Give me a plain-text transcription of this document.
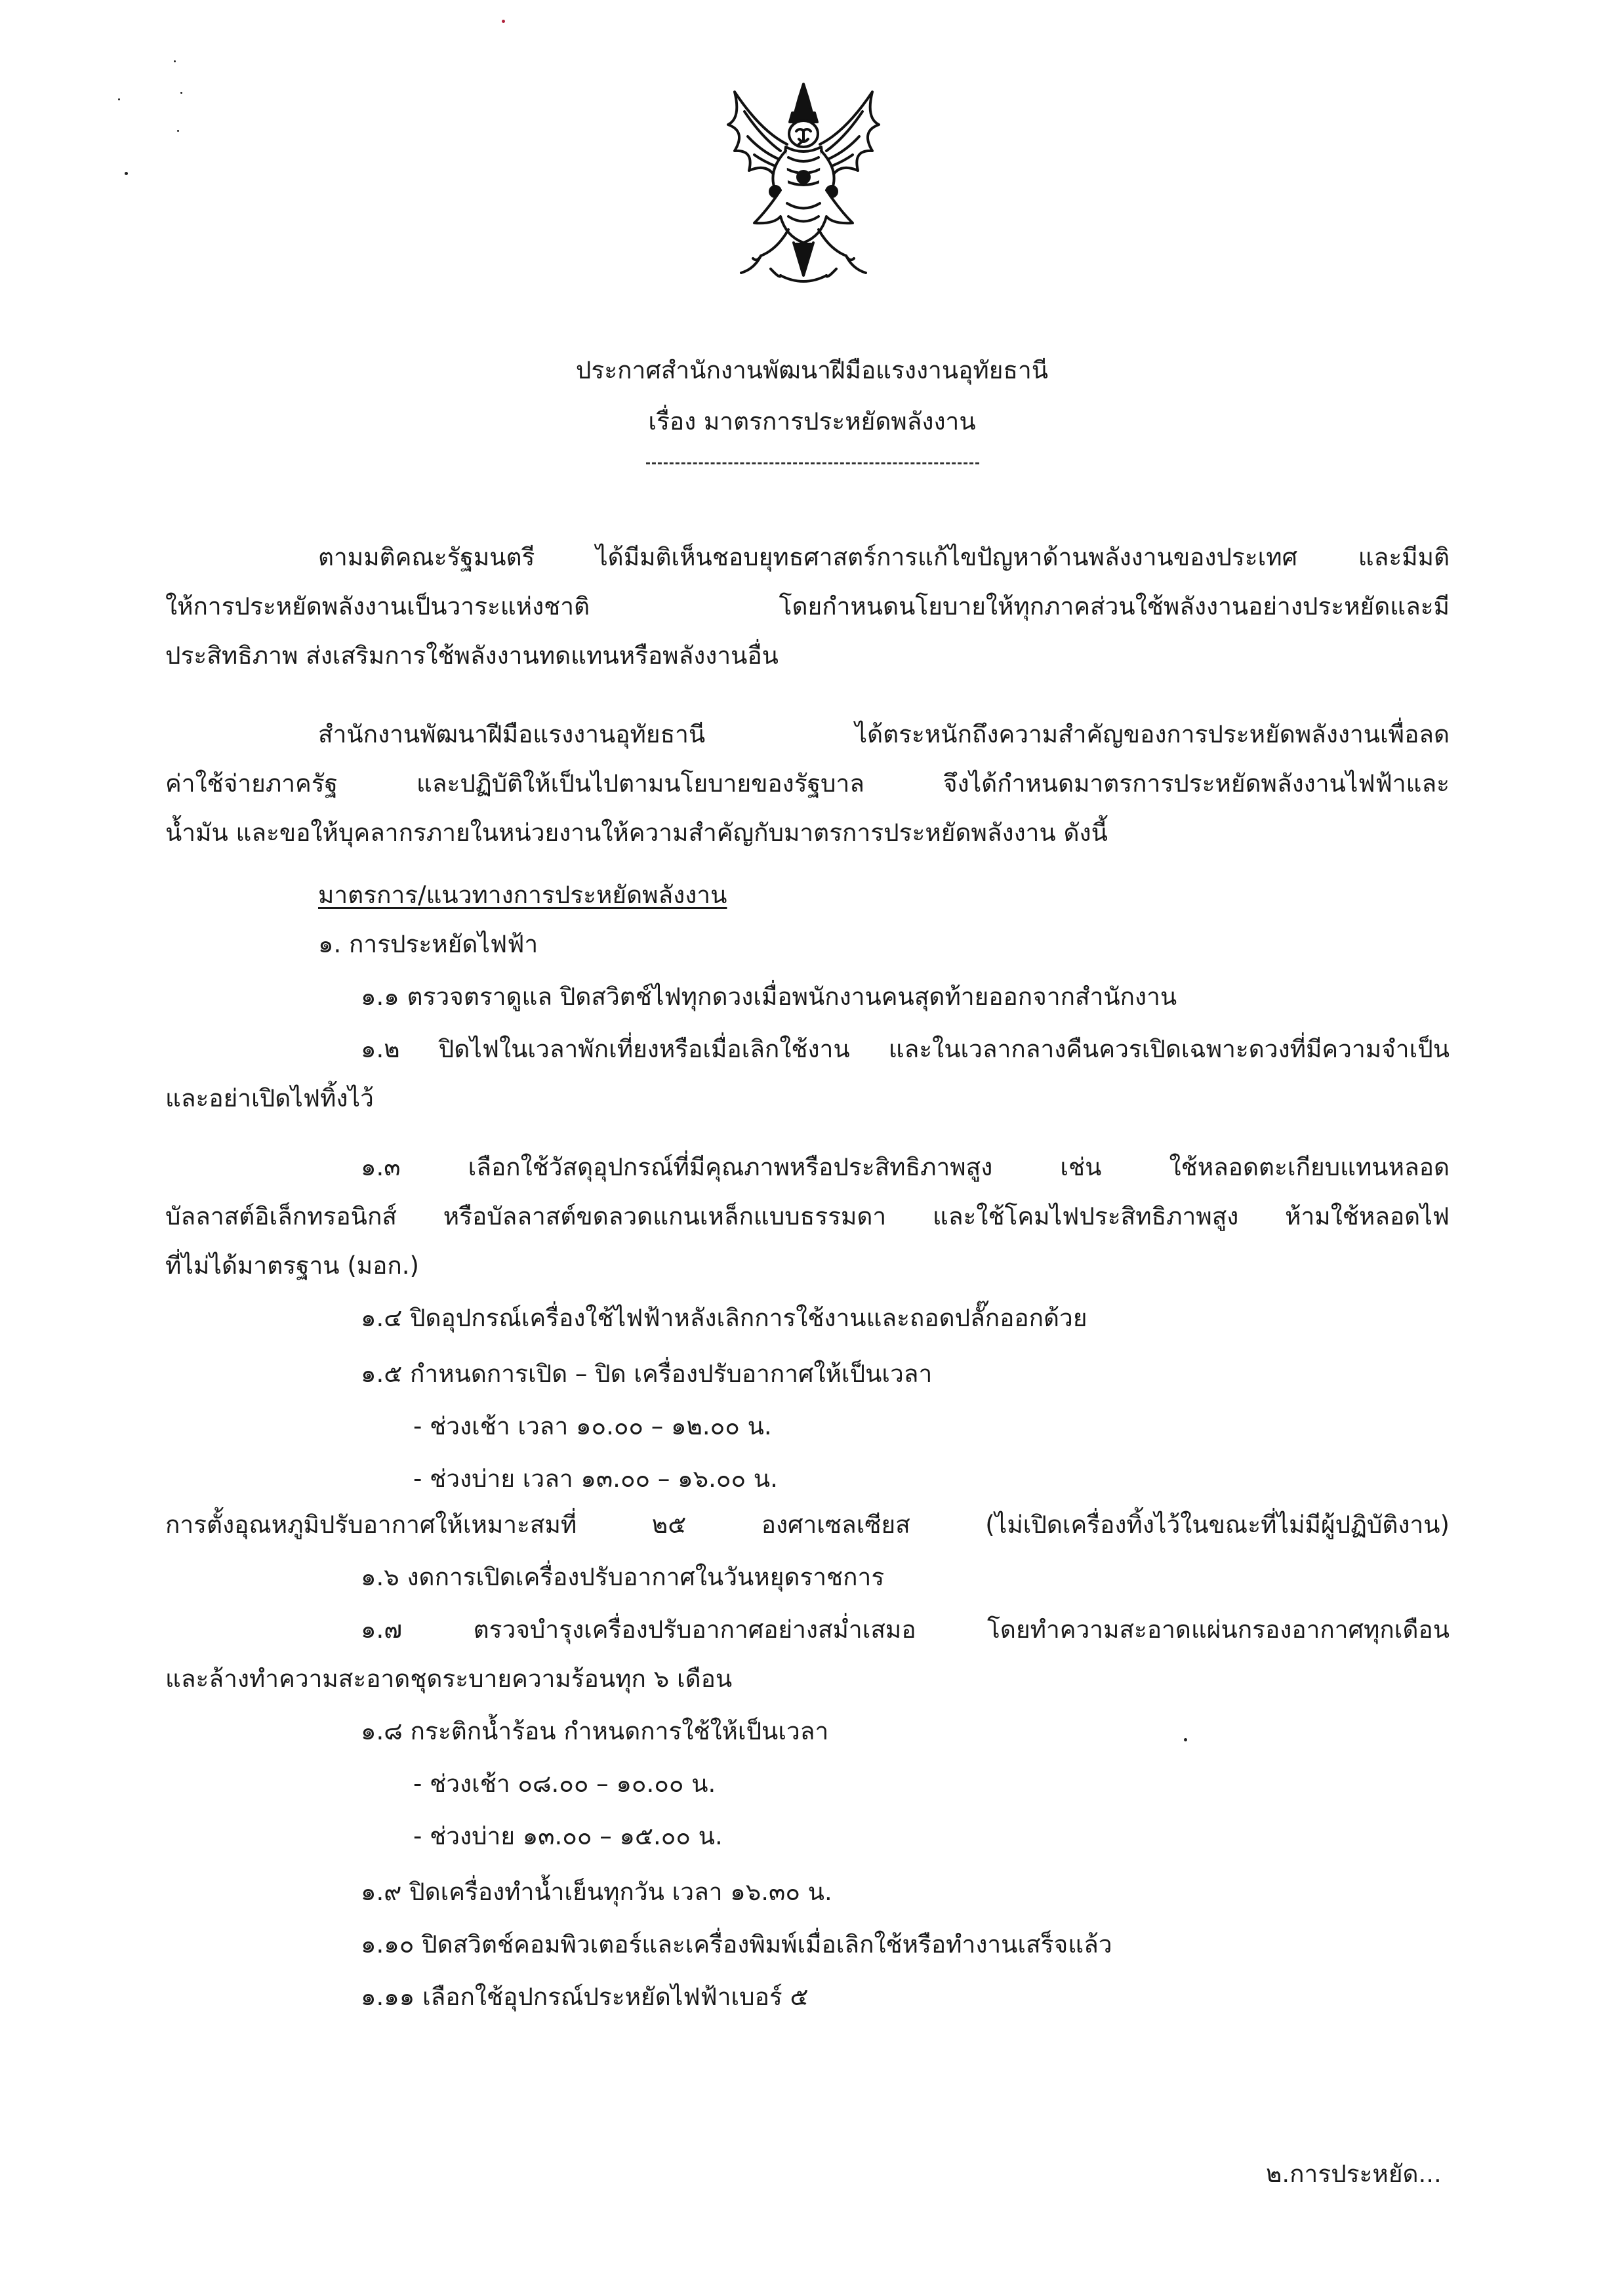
ประกาศสำนักงานพัฒนาฝีมือแรงงานอุทัยธานี
เรื่อง มาตรการประหยัดพลังงาน
ตามมติคณะรัฐมนตรี ได้มีมติเห็นชอบยุทธศาสตร์การแก้ไขปัญหาด้านพลังงานของประเทศ และมีมติ
ให้การประหยัดพลังงานเป็นวาระแห่งชาติ โดยกำหนดนโยบายให้ทุกภาคส่วนใช้พลังงานอย่างประหยัดและมี
ประสิทธิภาพ ส่งเสริมการใช้พลังงานทดแทนหรือพลังงานอื่น
สำนักงานพัฒนาฝีมือแรงงานอุทัยธานี ได้ตระหนักถึงความสำคัญของการประหยัดพลังงานเพื่อลด
ค่าใช้จ่ายภาครัฐ และปฏิบัติให้เป็นไปตามนโยบายของรัฐบาล จึงได้กำหนดมาตรการประหยัดพลังงานไฟฟ้าและ
น้ำมัน และขอให้บุคลากรภายในหน่วยงานให้ความสำคัญกับมาตรการประหยัดพลังงาน ดังนี้
มาตรการ/แนวทางการประหยัดพลังงาน
๑. การประหยัดไฟฟ้า
๑.๑ ตรวจตราดูแล ปิดสวิตช์ไฟทุกดวงเมื่อพนักงานคนสุดท้ายออกจากสำนักงาน
๑.๒ ปิดไฟในเวลาพักเที่ยงหรือเมื่อเลิกใช้งาน และในเวลากลางคืนควรเปิดเฉพาะดวงที่มีความจำเป็น
และอย่าเปิดไฟทิ้งไว้
๑.๓ เลือกใช้วัสดุอุปกรณ์ที่มีคุณภาพหรือประสิทธิภาพสูง เช่น ใช้หลอดตะเกียบแทนหลอด
บัลลาสต์อิเล็กทรอนิกส์ หรือบัลลาสต์ขดลวดแกนเหล็กแบบธรรมดา และใช้โคมไฟประสิทธิภาพสูง ห้ามใช้หลอดไฟ
ที่ไม่ได้มาตรฐาน (มอก.)
๑.๔ ปิดอุปกรณ์เครื่องใช้ไฟฟ้าหลังเลิกการใช้งานและถอดปลั๊กออกด้วย
๑.๕ กำหนดการเปิด – ปิด เครื่องปรับอากาศให้เป็นเวลา
- ช่วงเช้า เวลา ๑๐.๐๐ – ๑๒.๐๐ น.
- ช่วงบ่าย เวลา ๑๓.๐๐ – ๑๖.๐๐ น.
การตั้งอุณหภูมิปรับอากาศให้เหมาะสมที่ ๒๕ องศาเซลเซียส (ไม่เปิดเครื่องทิ้งไว้ในขณะที่ไม่มีผู้ปฏิบัติงาน)
๑.๖ งดการเปิดเครื่องปรับอากาศในวันหยุดราชการ
๑.๗ ตรวจบำรุงเครื่องปรับอากาศอย่างสม่ำเสมอ โดยทำความสะอาดแผ่นกรองอากาศทุกเดือน
และล้างทำความสะอาดชุดระบายความร้อนทุก ๖ เดือน
๑.๘ กระติกน้ำร้อน กำหนดการใช้ให้เป็นเวลา
- ช่วงเช้า ๐๘.๐๐ – ๑๐.๐๐ น.
- ช่วงบ่าย ๑๓.๐๐ – ๑๕.๐๐ น.
๑.๙ ปิดเครื่องทำน้ำเย็นทุกวัน เวลา ๑๖.๓๐ น.
๑.๑๐ ปิดสวิตช์คอมพิวเตอร์และเครื่องพิมพ์เมื่อเลิกใช้หรือทำงานเสร็จแล้ว
๑.๑๑ เลือกใช้อุปกรณ์ประหยัดไฟฟ้าเบอร์ ๕
๒.การประหยัด...
